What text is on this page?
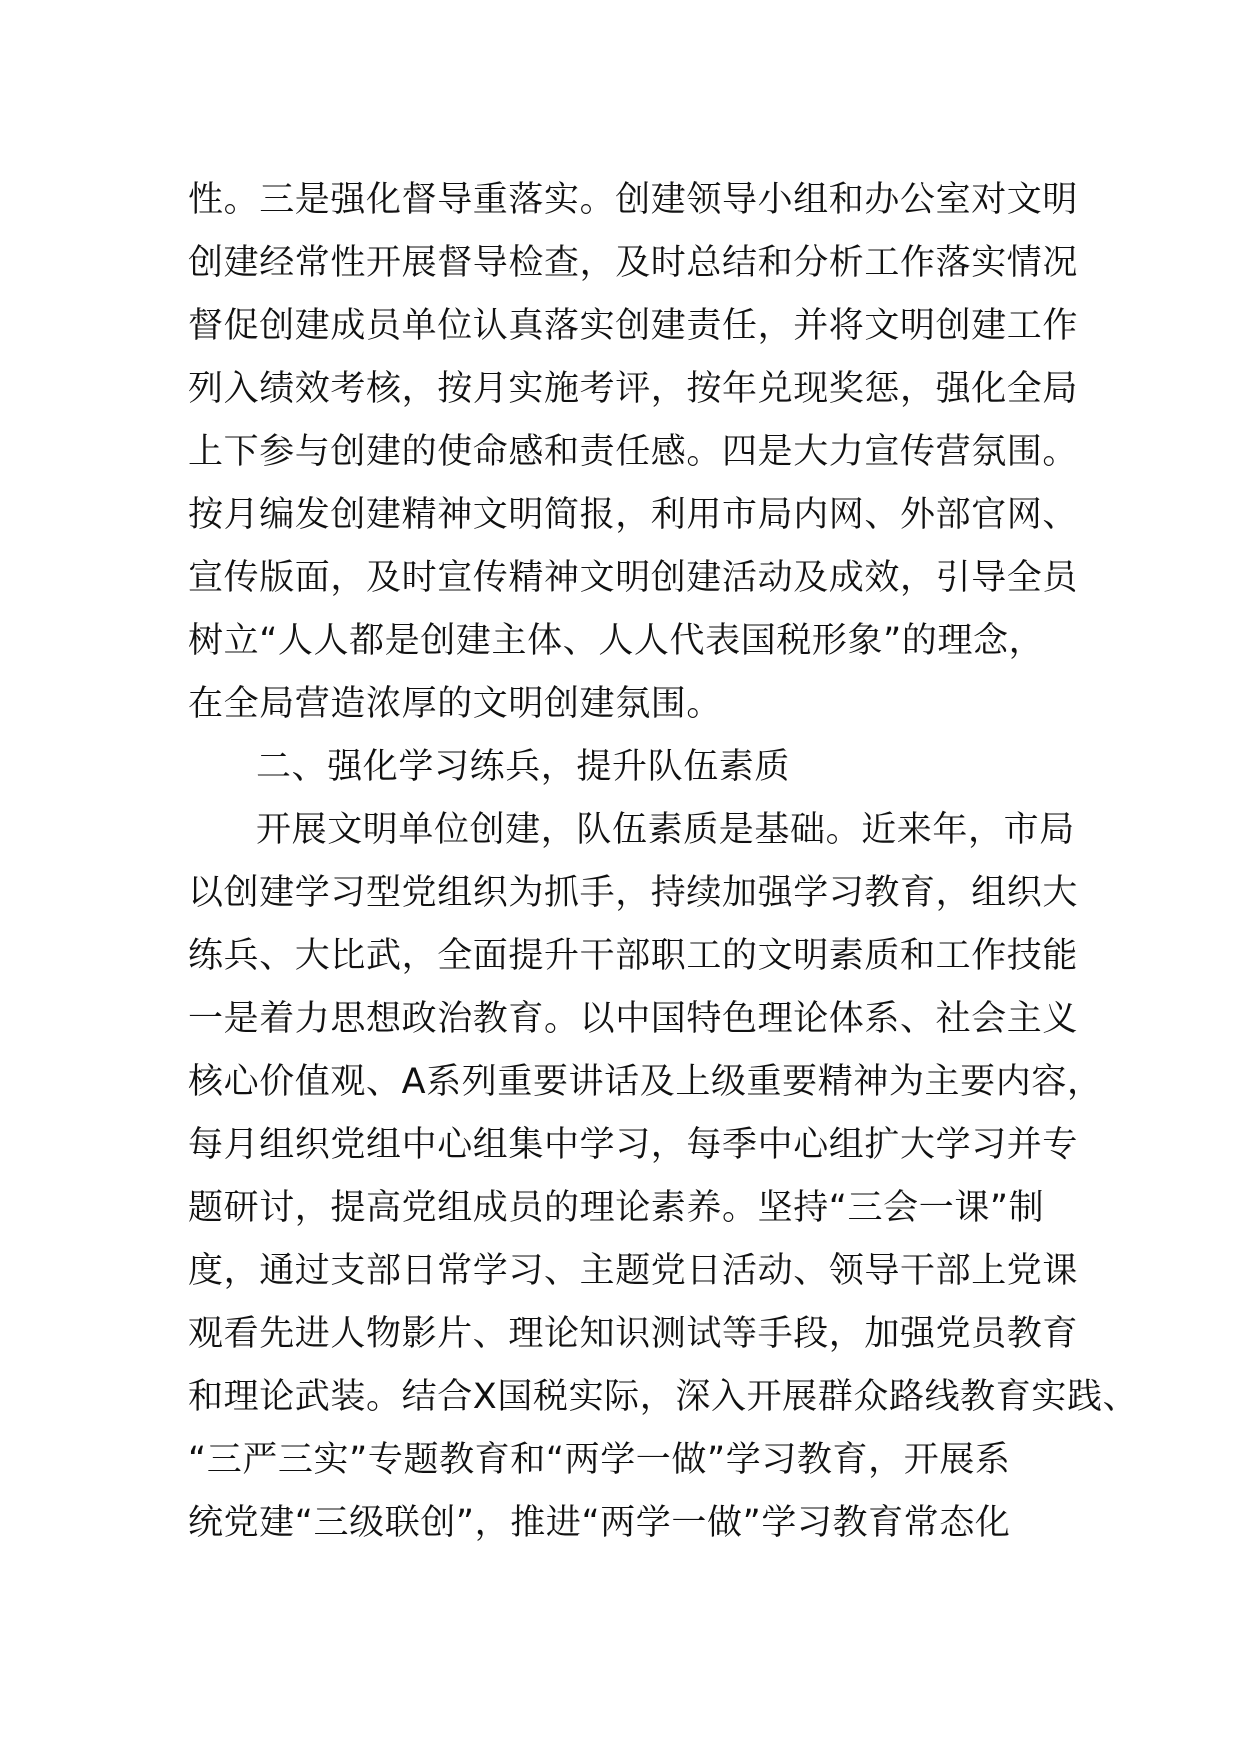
性。三是强化督导重落实。创建领导小组和办公室对文明
创建经常性开展督导检查，及时总结和分析工作落实情况
督促创建成员单位认真落实创建责任，并将文明创建工作
列入绩效考核，按月实施考评，按年兑现奖惩，强化全局
上下参与创建的使命感和责任感。四是大力宣传营氛围。
按月编发创建精神文明简报，利用市局内网、外部官网、
宣传版面，及时宣传精神文明创建活动及成效，引导全员
树立“人人都是创建主体、人人代表国税形象”的理念，
在全局营造浓厚的文明创建氛围。
二、强化学习练兵，提升队伍素质
开展文明单位创建，队伍素质是基础。近来年，市局
以创建学习型党组织为抓手，持续加强学习教育，组织大
练兵、大比武，全面提升干部职工的文明素质和工作技能
一是着力思想政治教育。以中国特色理论体系、社会主义
核心价值观、A系列重要讲话及上级重要精神为主要内容，
每月组织党组中心组集中学习，每季中心组扩大学习并专
题研讨，提高党组成员的理论素养。坚持“三会一课”制
度，通过支部日常学习、主题党日活动、领导干部上党课
观看先进人物影片、理论知识测试等手段，加强党员教育
和理论武装。结合X国税实际，深入开展群众路线教育实践、
“三严三实”专题教育和“两学一做”学习教育，开展系
统党建“三级联创”，推进“两学一做”学习教育常态化
